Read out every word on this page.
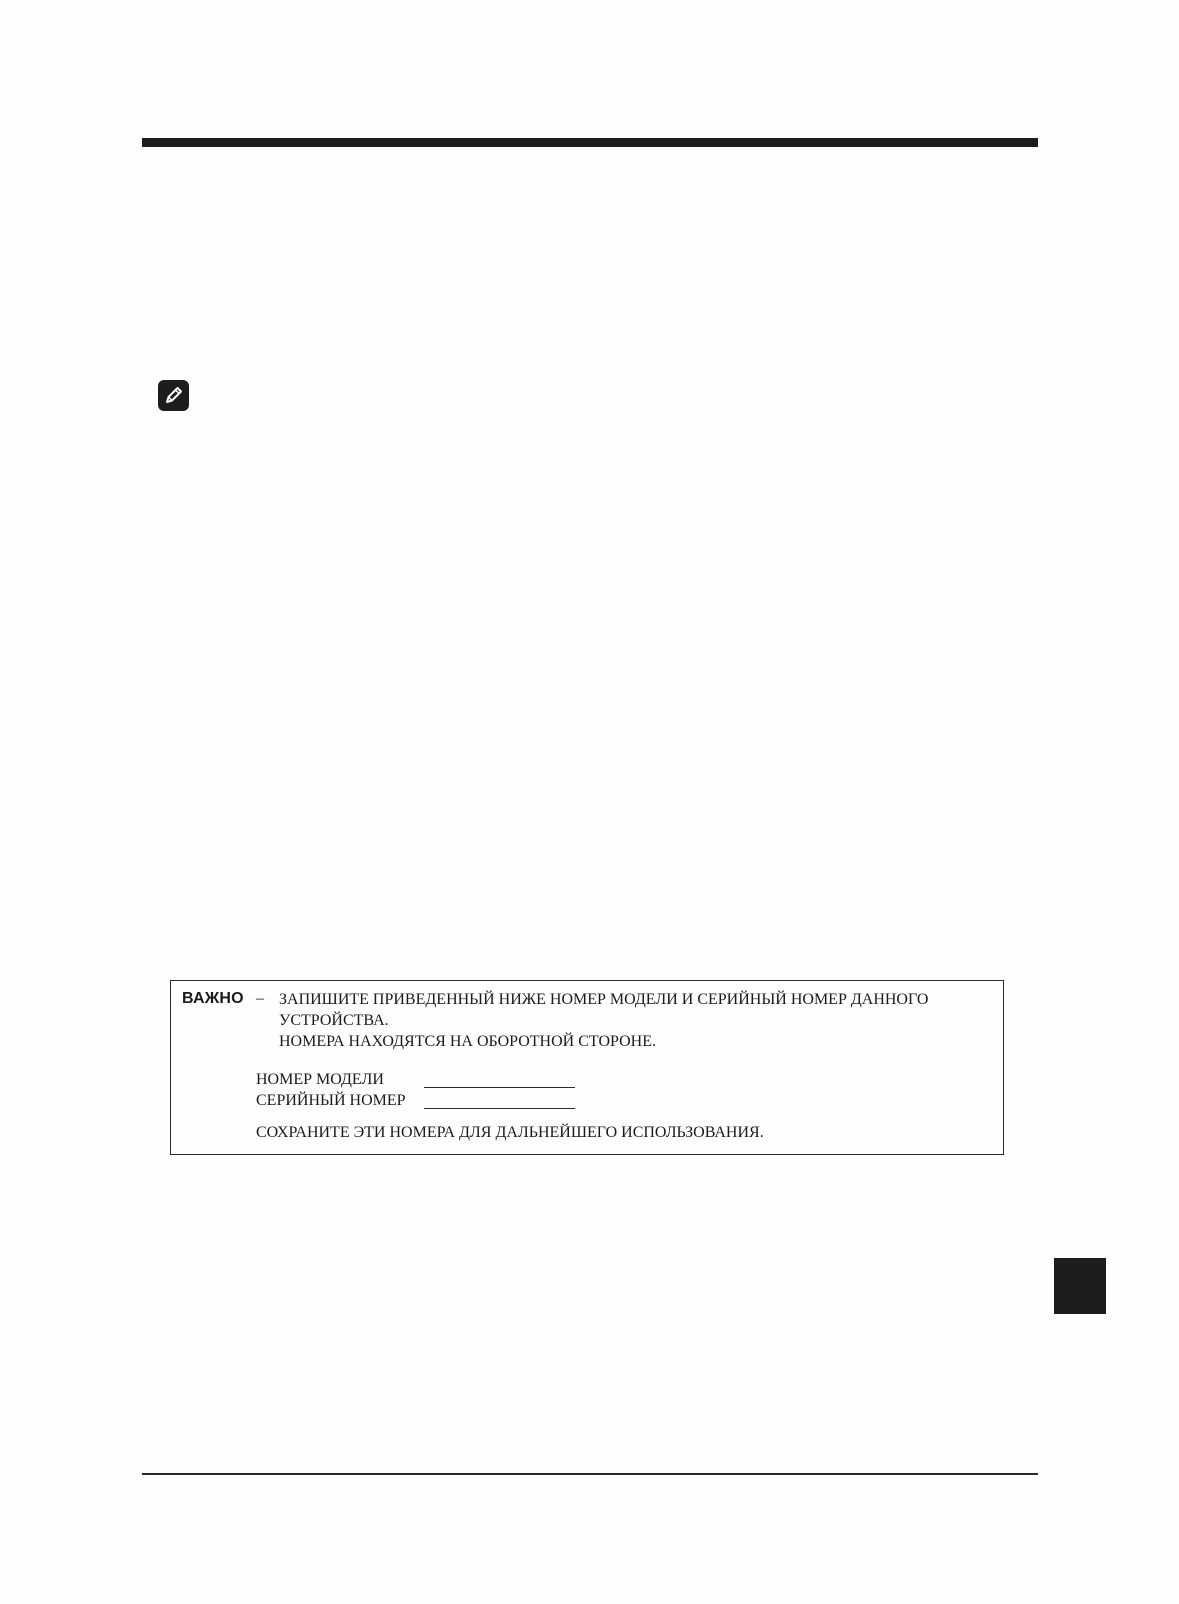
ВАЖНО – ЗАПИШИТЕ ПРИВЕДЕННЫЙ НИЖЕ НОМЕР МОДЕЛИ И СЕРИЙНЫЙ НОМЕР ДАННОГО
УСТРОЙСТВА.
НОМЕРА НАХОДЯТСЯ НА ОБОРОТНОЙ СТОРОНЕ.
НОМЕР МОДЕЛИ
СЕРИЙНЫЙ НОМЕР
СОХРАНИТЕ ЭТИ НОМЕРА ДЛЯ ДАЛЬНЕЙШЕГО ИСПОЛЬЗОВАНИЯ.
